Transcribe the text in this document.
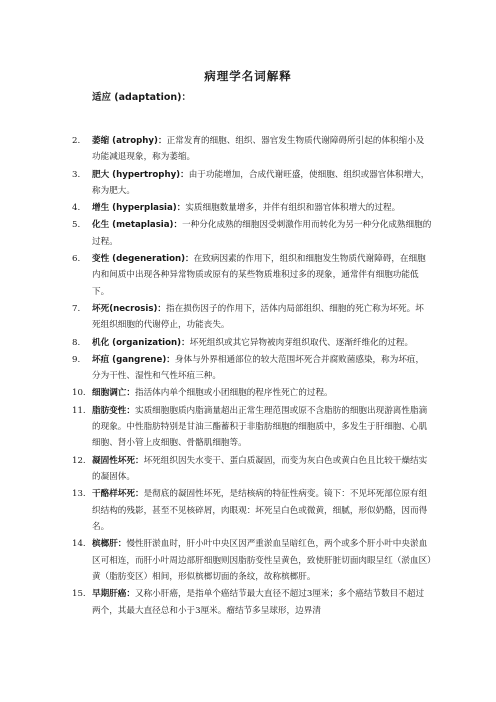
病理学名词解释
适应 (adaptation)：
2.	萎缩 (atrophy)：正常发育的细胞、组织、器官发生物质代谢障碍所引起的体积缩小及功能减退现象，称为萎缩。
3.	肥大 (hypertrophy)：由于功能增加，合成代谢旺盛，使细胞、组织或器官体积增大，称为肥大。
4.	增生 (hyperplasia)：实质细胞数量增多，并伴有组织和器官体积增大的过程。
5.	化生 (metaplasia)：一种分化成熟的细胞因受刺激作用而转化为另一种分化成熟细胞的过程。
6.	变性 (degeneration)：在致病因素的作用下，组织和细胞发生物质代谢障碍，在细胞内和间质中出现各种异常物质或原有的某些物质堆积过多的现象，通常伴有细胞功能低下。
7.	坏死(necrosis)：指在损伤因子的作用下，活体内局部组织、细胞的死亡称为坏死。坏死组织细胞的代谢停止，功能丧失。
8.	机化 (organization)：坏死组织或其它异物被肉芽组织取代、逐渐纤维化的过程。
9.	坏疽 (gangrene)：身体与外界相通部位的较大范围坏死合并腐败菌感染，称为坏疽，分为干性、湿性和气性坏疽三种。
10. 细胞调亡：指活体内单个细胞或小团细胞的程序性死亡的过程。
11. 脂肪变性：实质细胞胞质内脂滴量超出正常生理范围或原不含脂肪的细胞出现游离性脂滴的现象。中性脂肪特别是甘油三酯蓄积于非脂肪细胞的细胞质中，多发生于肝细胞、心肌细胞、肾小管上皮细胞、骨骼肌细胞等。
12. 凝固性坏死：坏死组织因失水变干、蛋白质凝固，而变为灰白色或黄白色且比较干燥结实的凝固体。
13. 干酪样坏死：是彻底的凝固性坏死，是结核病的特征性病变。镜下：不见坏死部位原有组织结构的残影，甚至不见核碎屑，肉眼观：坏死呈白色或微黄，细腻，形似奶酪，因而得名。
14. 槟榔肝：慢性肝淤血时，肝小叶中央区因严重淤血呈暗红色，两个或多个肝小叶中央淤血区可相连，而肝小叶周边部肝细胞则因脂肪变性呈黄色，致使肝脏切面肉眼呈红（淤血区）黄（脂肪变区）相间，形似槟榔切面的条纹，故称槟榔肝。
15. 早期肝癌：又称小肝癌，是指单个癌结节最大直径不超过3厘米；多个癌结节数目不超过两个，其最大直径总和小于3厘米。瘤结节多呈球形，边界清
